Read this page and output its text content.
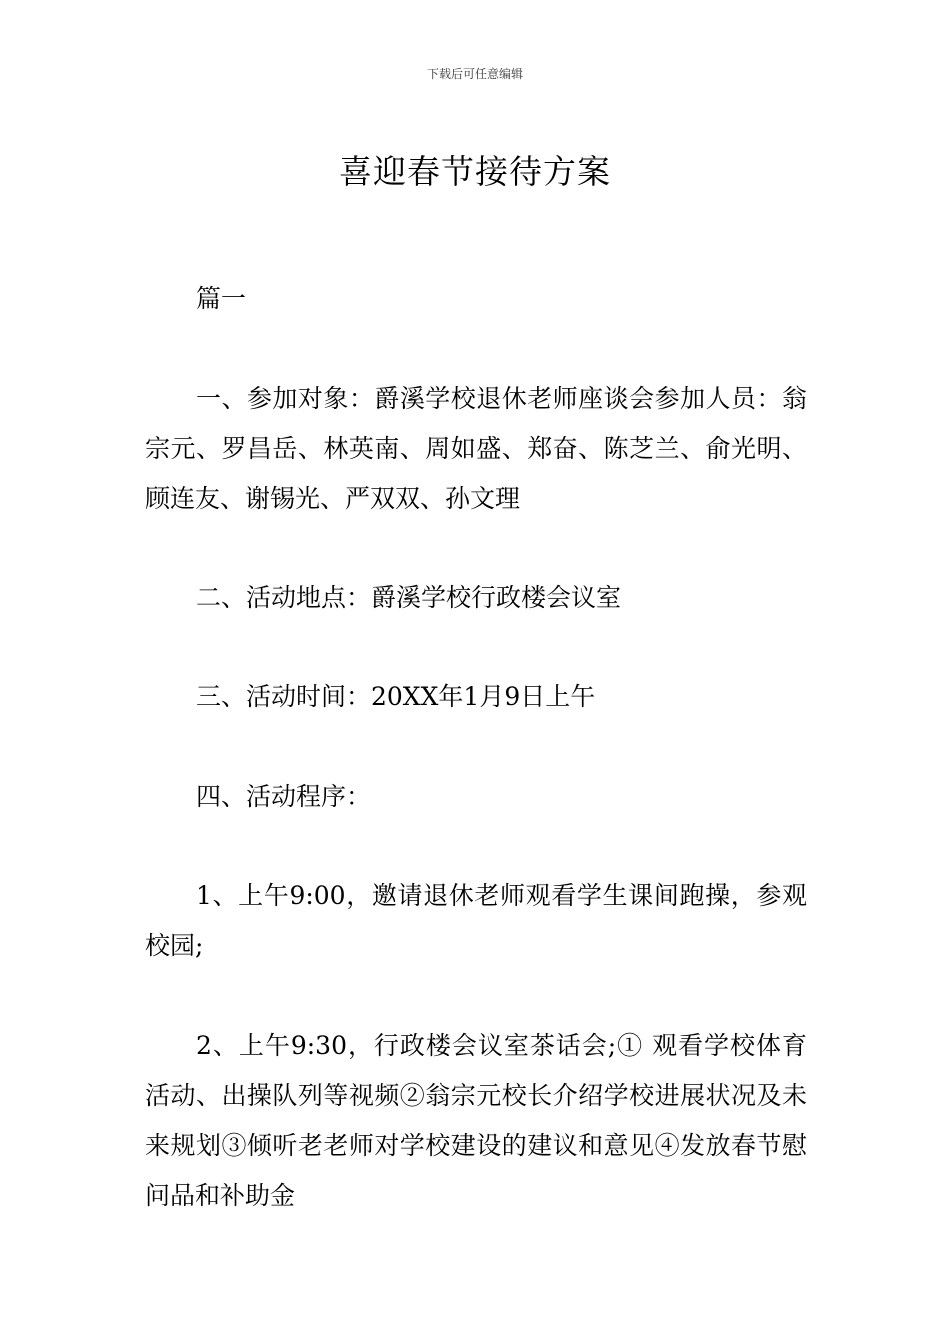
下载后可任意编辑
喜迎春节接待方案

篇一

一、参加对象：爵溪学校退休老师座谈会参加人员：翁宗元、罗昌岳、林英南、周如盛、郑奋、陈芝兰、俞光明、顾连友、谢锡光、严双双、孙文理

二、活动地点：爵溪学校行政楼会议室

三、活动时间：20XX年1月9日上午

四、活动程序：

1、上午9:00，邀请退休老师观看学生课间跑操，参观校园;

2、上午9:30，行政楼会议室茶话会;① 观看学校体育活动、出操队列等视频②翁宗元校长介绍学校进展状况及未来规划③倾听老老师对学校建设的建议和意见④发放春节慰问品和补助金
